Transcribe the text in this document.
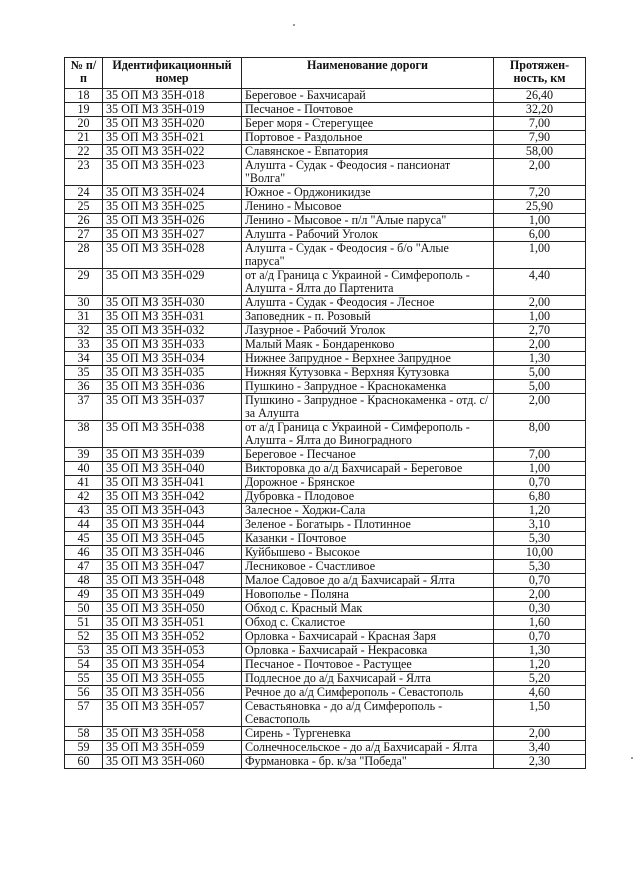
№ п/п	Идентификационный номер	Наименование дороги	Протяжен-ность, км
18	35 ОП МЗ 35Н-018	Береговое - Бахчисарай	26,40
19	35 ОП МЗ 35Н-019	Песчаное - Почтовое	32,20
20	35 ОП МЗ 35Н-020	Берег моря - Стерегущее	7,00
21	35 ОП МЗ 35Н-021	Портовое - Раздольное	7,90
22	35 ОП МЗ 35Н-022	Славянское - Евпатория	58,00
23	35 ОП МЗ 35Н-023	Алушта - Судак - Феодосия - пансионат "Волга"	2,00
24	35 ОП МЗ 35Н-024	Южное - Орджоникидзе	7,20
25	35 ОП МЗ 35Н-025	Ленино - Мысовое	25,90
26	35 ОП МЗ 35Н-026	Ленино - Мысовое - п/л "Алые паруса"	1,00
27	35 ОП МЗ 35Н-027	Алушта - Рабочий Уголок	6,00
28	35 ОП МЗ 35Н-028	Алушта - Судак - Феодосия - б/о "Алые паруса"	1,00
29	35 ОП МЗ 35Н-029	от а/д Граница с Украиной - Симферополь - Алушта - Ялта до Партенита	4,40
30	35 ОП МЗ 35Н-030	Алушта - Судак - Феодосия - Лесное	2,00
31	35 ОП МЗ 35Н-031	Заповедник - п. Розовый	1,00
32	35 ОП МЗ 35Н-032	Лазурное - Рабочий Уголок	2,70
33	35 ОП МЗ 35Н-033	Малый Маяк - Бондаренково	2,00
34	35 ОП МЗ 35Н-034	Нижнее Запрудное - Верхнее Запрудное	1,30
35	35 ОП МЗ 35Н-035	Нижняя Кутузовка - Верхняя Кутузовка	5,00
36	35 ОП МЗ 35Н-036	Пушкино - Запрудное - Краснокаменка	5,00
37	35 ОП МЗ 35Н-037	Пушкино - Запрудное - Краснокаменка - отд. с/за Алушта	2,00
38	35 ОП МЗ 35Н-038	от а/д Граница с Украиной - Симферополь - Алушта - Ялта до Виноградного	8,00
39	35 ОП МЗ 35Н-039	Береговое - Песчаное	7,00
40	35 ОП МЗ 35Н-040	Викторовка до а/д Бахчисарай - Береговое	1,00
41	35 ОП МЗ 35Н-041	Дорожное - Брянское	0,70
42	35 ОП МЗ 35Н-042	Дубровка - Плодовое	6,80
43	35 ОП МЗ 35Н-043	Залесное - Ходжи-Сала	1,20
44	35 ОП МЗ 35Н-044	Зеленое - Богатырь - Плотинное	3,10
45	35 ОП МЗ 35Н-045	Казанки - Почтовое	5,30
46	35 ОП МЗ 35Н-046	Куйбышево - Высокое	10,00
47	35 ОП МЗ 35Н-047	Лесниковое - Счастливое	5,30
48	35 ОП МЗ 35Н-048	Малое Садовое до а/д Бахчисарай - Ялта	0,70
49	35 ОП МЗ 35Н-049	Новополье - Поляна	2,00
50	35 ОП МЗ 35Н-050	Обход с. Красный Мак	0,30
51	35 ОП МЗ 35Н-051	Обход с. Скалистое	1,60
52	35 ОП МЗ 35Н-052	Орловка - Бахчисарай - Красная Заря	0,70
53	35 ОП МЗ 35Н-053	Орловка - Бахчисарай - Некрасовка	1,30
54	35 ОП МЗ 35Н-054	Песчаное - Почтовое - Растущее	1,20
55	35 ОП МЗ 35Н-055	Подлесное до а/д Бахчисарай - Ялта	5,20
56	35 ОП МЗ 35Н-056	Речное до а/д Симферополь - Севастополь	4,60
57	35 ОП МЗ 35Н-057	Севастьяновка - до а/д Симферополь - Севастополь	1,50
58	35 ОП МЗ 35Н-058	Сирень - Тургеневка	2,00
59	35 ОП МЗ 35Н-059	Солнечносельское - до а/д Бахчисарай - Ялта	3,40
60	35 ОП МЗ 35Н-060	Фурмановка - бр. к/за "Победа"	2,30
